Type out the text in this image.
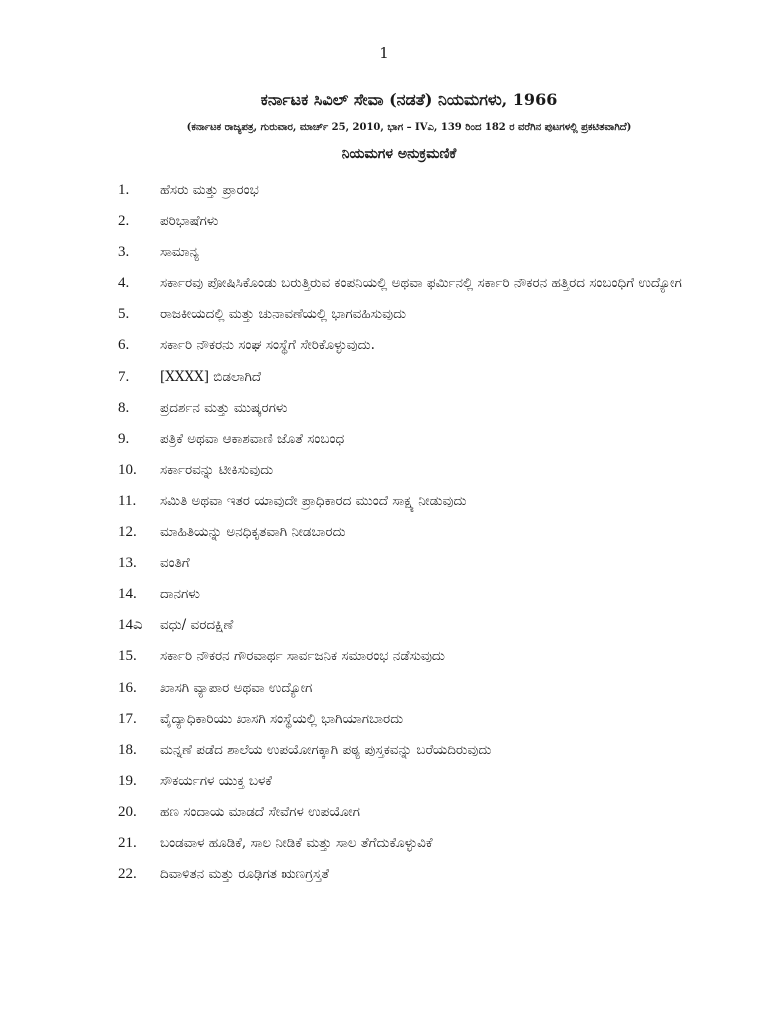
1
ಕರ್ನಾಟಕ ಸಿವಿಲ್ ಸೇವಾ (ನಡತೆ) ನಿಯಮಗಳು, 1966
(ಕರ್ನಾಟಕ ರಾಜ್ಯಪತ್ರ, ಗುರುವಾರ, ಮಾರ್ಚ್ 25, 2010, ಭಾಗ – IVಎ, 139 ರಿಂದ 182 ರ ವರೆಗಿನ ಪುಟಗಳಲ್ಲಿ ಪ್ರಕಟಿತವಾಗಿದೆ)
ನಿಯಮಗಳ ಅನುಕ್ರಮಣಿಕೆ
1.	ಹೆಸರು ಮತ್ತು ಪ್ರಾರಂಭ
2.	ಪರಿಭಾಷೆಗಳು
3.	ಸಾಮಾನ್ಯ
4.	ಸರ್ಕಾರವು ಪೋಷಿಸಿಕೊಂಡು ಬರುತ್ತಿರುವ ಕಂಪನಿಯಲ್ಲಿ ಅಥವಾ ಫರ್ಮಿನಲ್ಲಿ ಸರ್ಕಾರಿ ನೌಕರನ ಹತ್ತಿರದ ಸಂಬಂಧಿಗೆ ಉದ್ಯೋಗ
5.	ರಾಜಕೀಯದಲ್ಲಿ ಮತ್ತು ಚುನಾವಣೆಯಲ್ಲಿ ಭಾಗವಹಿಸುವುದು
6.	ಸರ್ಕಾರಿ ನೌಕರನು ಸಂಘ ಸಂಸ್ಥೆಗೆ ಸೇರಿಕೊಳ್ಳುವುದು.
7.	[XXXX] ಬಿಡಲಾಗಿದೆ
8.	ಪ್ರದರ್ಶನ ಮತ್ತು ಮುಷ್ಕರಗಳು
9.	ಪತ್ರಿಕೆ ಅಥವಾ ಆಕಾಶವಾಣಿ ಜೊತೆ ಸಂಬಂಧ
10.	ಸರ್ಕಾರವನ್ನು ಟೀಕಿಸುವುದು
11.	ಸಮಿತಿ ಅಥವಾ ಇತರ ಯಾವುದೇ ಪ್ರಾಧಿಕಾರದ ಮುಂದೆ ಸಾಕ್ಷ್ಯ ನೀಡುವುದು
12.	ಮಾಹಿತಿಯನ್ನು ಅನಧಿಕೃತವಾಗಿ ನೀಡಬಾರದು
13.	ವಂತಿಗೆ
14.	ದಾನಗಳು
14ಎ	ವಧು/ ವರದಕ್ಷಿಣೆ
15.	ಸರ್ಕಾರಿ ನೌಕರನ ಗೌರವಾರ್ಥ ಸಾರ್ವಜನಿಕ ಸಮಾರಂಭ ನಡೆಸುವುದು
16.	ಖಾಸಗಿ ವ್ಯಾಪಾರ ಅಥವಾ ಉದ್ಯೋಗ
17.	ವೈದ್ಯಾಧಿಕಾರಿಯು ಖಾಸಗಿ ಸಂಸ್ಥೆಯಲ್ಲಿ ಭಾಗಿಯಾಗಬಾರದು
18.	ಮನ್ನಣೆ ಪಡೆದ ಶಾಲೆಯ ಉಪಯೋಗಕ್ಕಾಗಿ ಪಠ್ಯ ಪುಸ್ತಕವನ್ನು ಬರೆಯದಿರುವುದು
19.	ಸೌಕರ್ಯಗಳ ಯುಕ್ತ ಬಳಕೆ
20.	ಹಣ ಸಂದಾಯ ಮಾಡದೆ ಸೇವೆಗಳ ಉಪಯೋಗ
21.	ಬಂಡವಾಳ ಹೂಡಿಕೆ, ಸಾಲ ನೀಡಿಕೆ ಮತ್ತು ಸಾಲ ತೆಗೆದುಕೊಳ್ಳುವಿಕೆ
22.	ದಿವಾಳಿತನ ಮತ್ತು ರೂಢಿಗತ ಋಣಗ್ರಸ್ತತೆ
